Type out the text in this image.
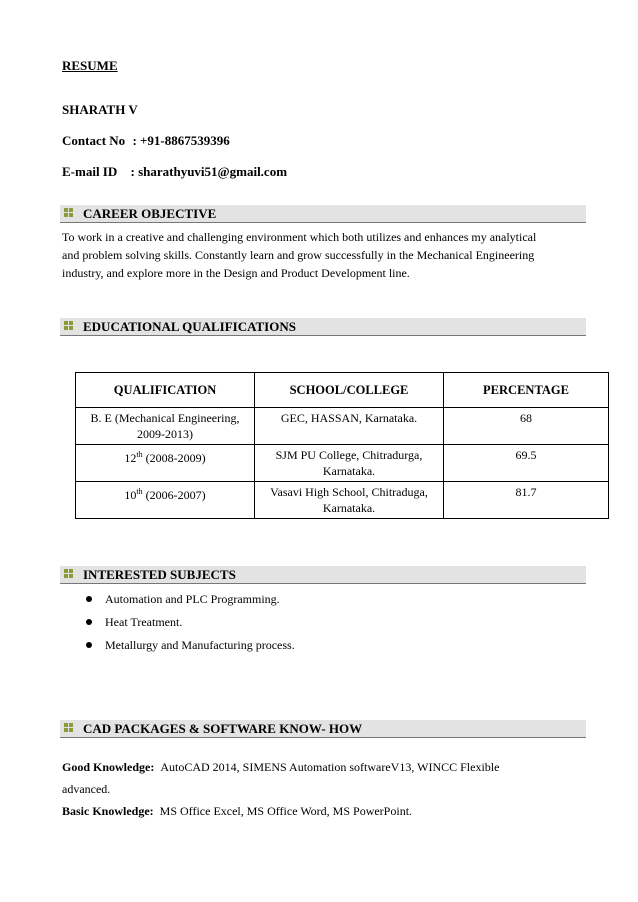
RESUME
SHARATH V
Contact No : +91-8867539396
E-mail ID : sharathyuvi51@gmail.com
CAREER OBJECTIVE
To work in a creative and challenging environment which both utilizes and enhances my analytical
and problem solving skills. Constantly learn and grow successfully in the Mechanical Engineering
industry, and explore more in the Design and Product Development line.
EDUCATIONAL QUALIFICATIONS
QUALIFICATION	SCHOOL/COLLEGE	PERCENTAGE

B. E (Mechanical Engineering,
2009-2013)	GEC, HASSAN, Karnataka.	68
12th (2008-2009)	SJM PU College, Chitradurga,
Karnataka.	69.5
10th (2006-2007)	Vasavi High School, Chitraduga,
Karnataka.	81.7
INTERESTED SUBJECTS
Automation and PLC Programming.
Heat Treatment.
Metallurgy and Manufacturing process.
CAD PACKAGES & SOFTWARE KNOW- HOW
Good Knowledge: AutoCAD 2014, SIMENS Automation softwareV13, WINCC Flexible
advanced.
Basic Knowledge: MS Office Excel, MS Office Word, MS PowerPoint.
